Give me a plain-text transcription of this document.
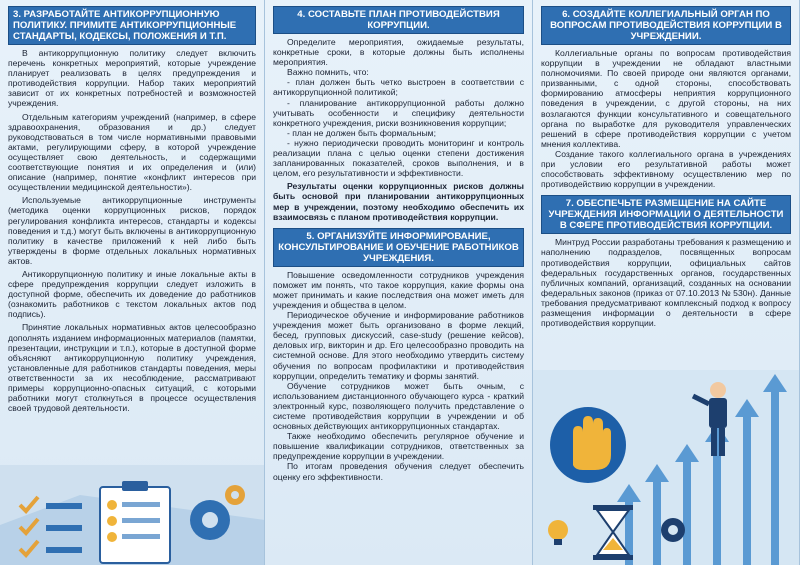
3. РАЗРАБОТАЙТЕ АНТИКОРРУПЦИОННУЮ ПОЛИТИКУ. ПРИМИТЕ АНТИКОРРУПЦИОННЫЕ СТАНДАРТЫ, КОДЕКСЫ, ПОЛОЖЕНИЯ И Т.П.

В антикоррупционную политику следует включить перечень конкретных мероприятий, которые учреждение планирует реализовать в целях предупреждения и противодействия коррупции. Набор таких мероприятий зависит от их конкретных потребностей и возможностей учреждения.

Отдельным категориям учреждений (например, в сфере здравоохранения, образования и др.) следует руководствоваться в том числе нормативными правовыми актами, регулирующими сферу, в которой учреждение осуществляет свою деятельность, и содержащими соответствующие понятия и их определения и (или) описание (например, понятие «конфликт интересов при осуществлении медицинской деятельности»).

Используемые антикоррупционные инструменты (методика оценки коррупционных рисков, порядок регулирования конфликта интересов, стандарты и кодексы поведения и т.д.) могут быть включены в антикоррупционную политику в качестве приложений к ней либо быть утверждены в форме отдельных локальных нормативных актов.

Антикоррупционную политику и иные локальные акты в сфере предупреждения коррупции следует изложить в доступной форме, обеспечить их доведение до работников (ознакомить работников с текстом локальных актов под подпись).

Принятие локальных нормативных актов целесообразно дополнять изданием информационных материалов (памятки, презентации, инструкции и т.п.), которые в доступной форме объясняют антикоррупционную политику учреждения, установленные для работников стандарты поведения, меры ответственности за их несоблюдение, рассматривают примеры коррупционно-опасных ситуаций, с которыми работники могут столкнуться в процессе осуществления своей трудовой деятельности.

4. СОСТАВЬТЕ ПЛАН ПРОТИВОДЕЙСТВИЯ КОРРУПЦИИ.

Определите мероприятия, ожидаемые результаты, конкретные сроки, в которые должны быть исполнены мероприятия.

Важно помнить, что:

- план должен быть четко выстроен в соответствии с антикоррупционной политикой;

- планирование антикоррупционной работы должно учитывать особенности и специфику деятельности конкретного учреждения, риски возникновения коррупции;

- план не должен быть формальным;

- нужно периодически проводить мониторинг и контроль реализации плана с целью оценки степени достижения запланированных показателей, сроков выполнения, и в целом, его результативности и эффективности.

Результаты оценки коррупционных рисков должны быть основой при планировании антикоррупционных мер в учреждении, поэтому необходимо обеспечить их взаимосвязь с планом противодействия коррупции.

5. ОРГАНИЗУЙТЕ ИНФОРМИРОВАНИЕ, КОНСУЛЬТИРОВАНИЕ И ОБУЧЕНИЕ РАБОТНИКОВ УЧРЕЖДЕНИЯ.

Повышение осведомленности сотрудников учреждения поможет им понять, что такое коррупция, какие формы она может принимать и какие последствия она может иметь для учреждения и общества в целом.

Периодическое обучение и информирование работников учреждения может быть организовано в форме лекций, бесед, групповых дискуссий, case-study (решение кейсов), деловых игр, викторин и др. Его целесообразно проводить на системной основе. Для этого необходимо утвердить систему обучения по вопросам профилактики и противодействия коррупции, определить тематику и формы занятий.

Обучение сотрудников может быть очным, с использованием дистанционного обучающего курса - краткий электронный курс, позволяющего получить представление о системе противодействия коррупции в учреждении и об основных действующих антикоррупционных стандартах.

Также необходимо обеспечить регулярное обучение и повышение квалификации сотрудников, ответственных за предупреждение коррупции в учреждении.

По итогам проведения обучения следует обеспечить оценку его эффективности.

6. СОЗДАЙТЕ КОЛЛЕГИАЛЬНЫЙ ОРГАН ПО ВОПРОСАМ ПРОТИВОДЕЙСТВИЯ КОРРУПЦИИ В УЧРЕЖДЕНИИ.

Коллегиальные органы по вопросам противодействия коррупции в учреждении не обладают властными полномочиями. По своей природе они являются органами, призванными, с одной стороны, способствовать формированию атмосферы неприятия коррупционного поведения в учреждении, с другой стороны, на них возлагаются функции консультативного и совещательного органа по выработке для руководителя управленческих решений в сфере противодействия коррупции с учетом мнения коллектива.

Создание такого коллегиального органа в учреждениях при условии его результативной работы может способствовать эффективному осуществлению мер по противодействию коррупции в учреждении.

7. ОБЕСПЕЧЬТЕ РАЗМЕЩЕНИЕ НА САЙТЕ УЧРЕЖДЕНИЯ ИНФОРМАЦИИ О ДЕЯТЕЛЬНОСТИ В СФЕРЕ ПРОТИВОДЕЙСТВИЯ КОРРУПЦИИ.

Минтруд России разработаны требования к размещению и наполнению подразделов, посвященных вопросам противодействия коррупции, официальных сайтов федеральных государственных органов, государственных публичных компаний, организаций, созданных на основании федеральных законов (приказ от 07.10.2013 № 530н). Данные требования предусматривают комплексный подход к вопросу размещения информации о деятельности в сфере противодействия коррупции.
